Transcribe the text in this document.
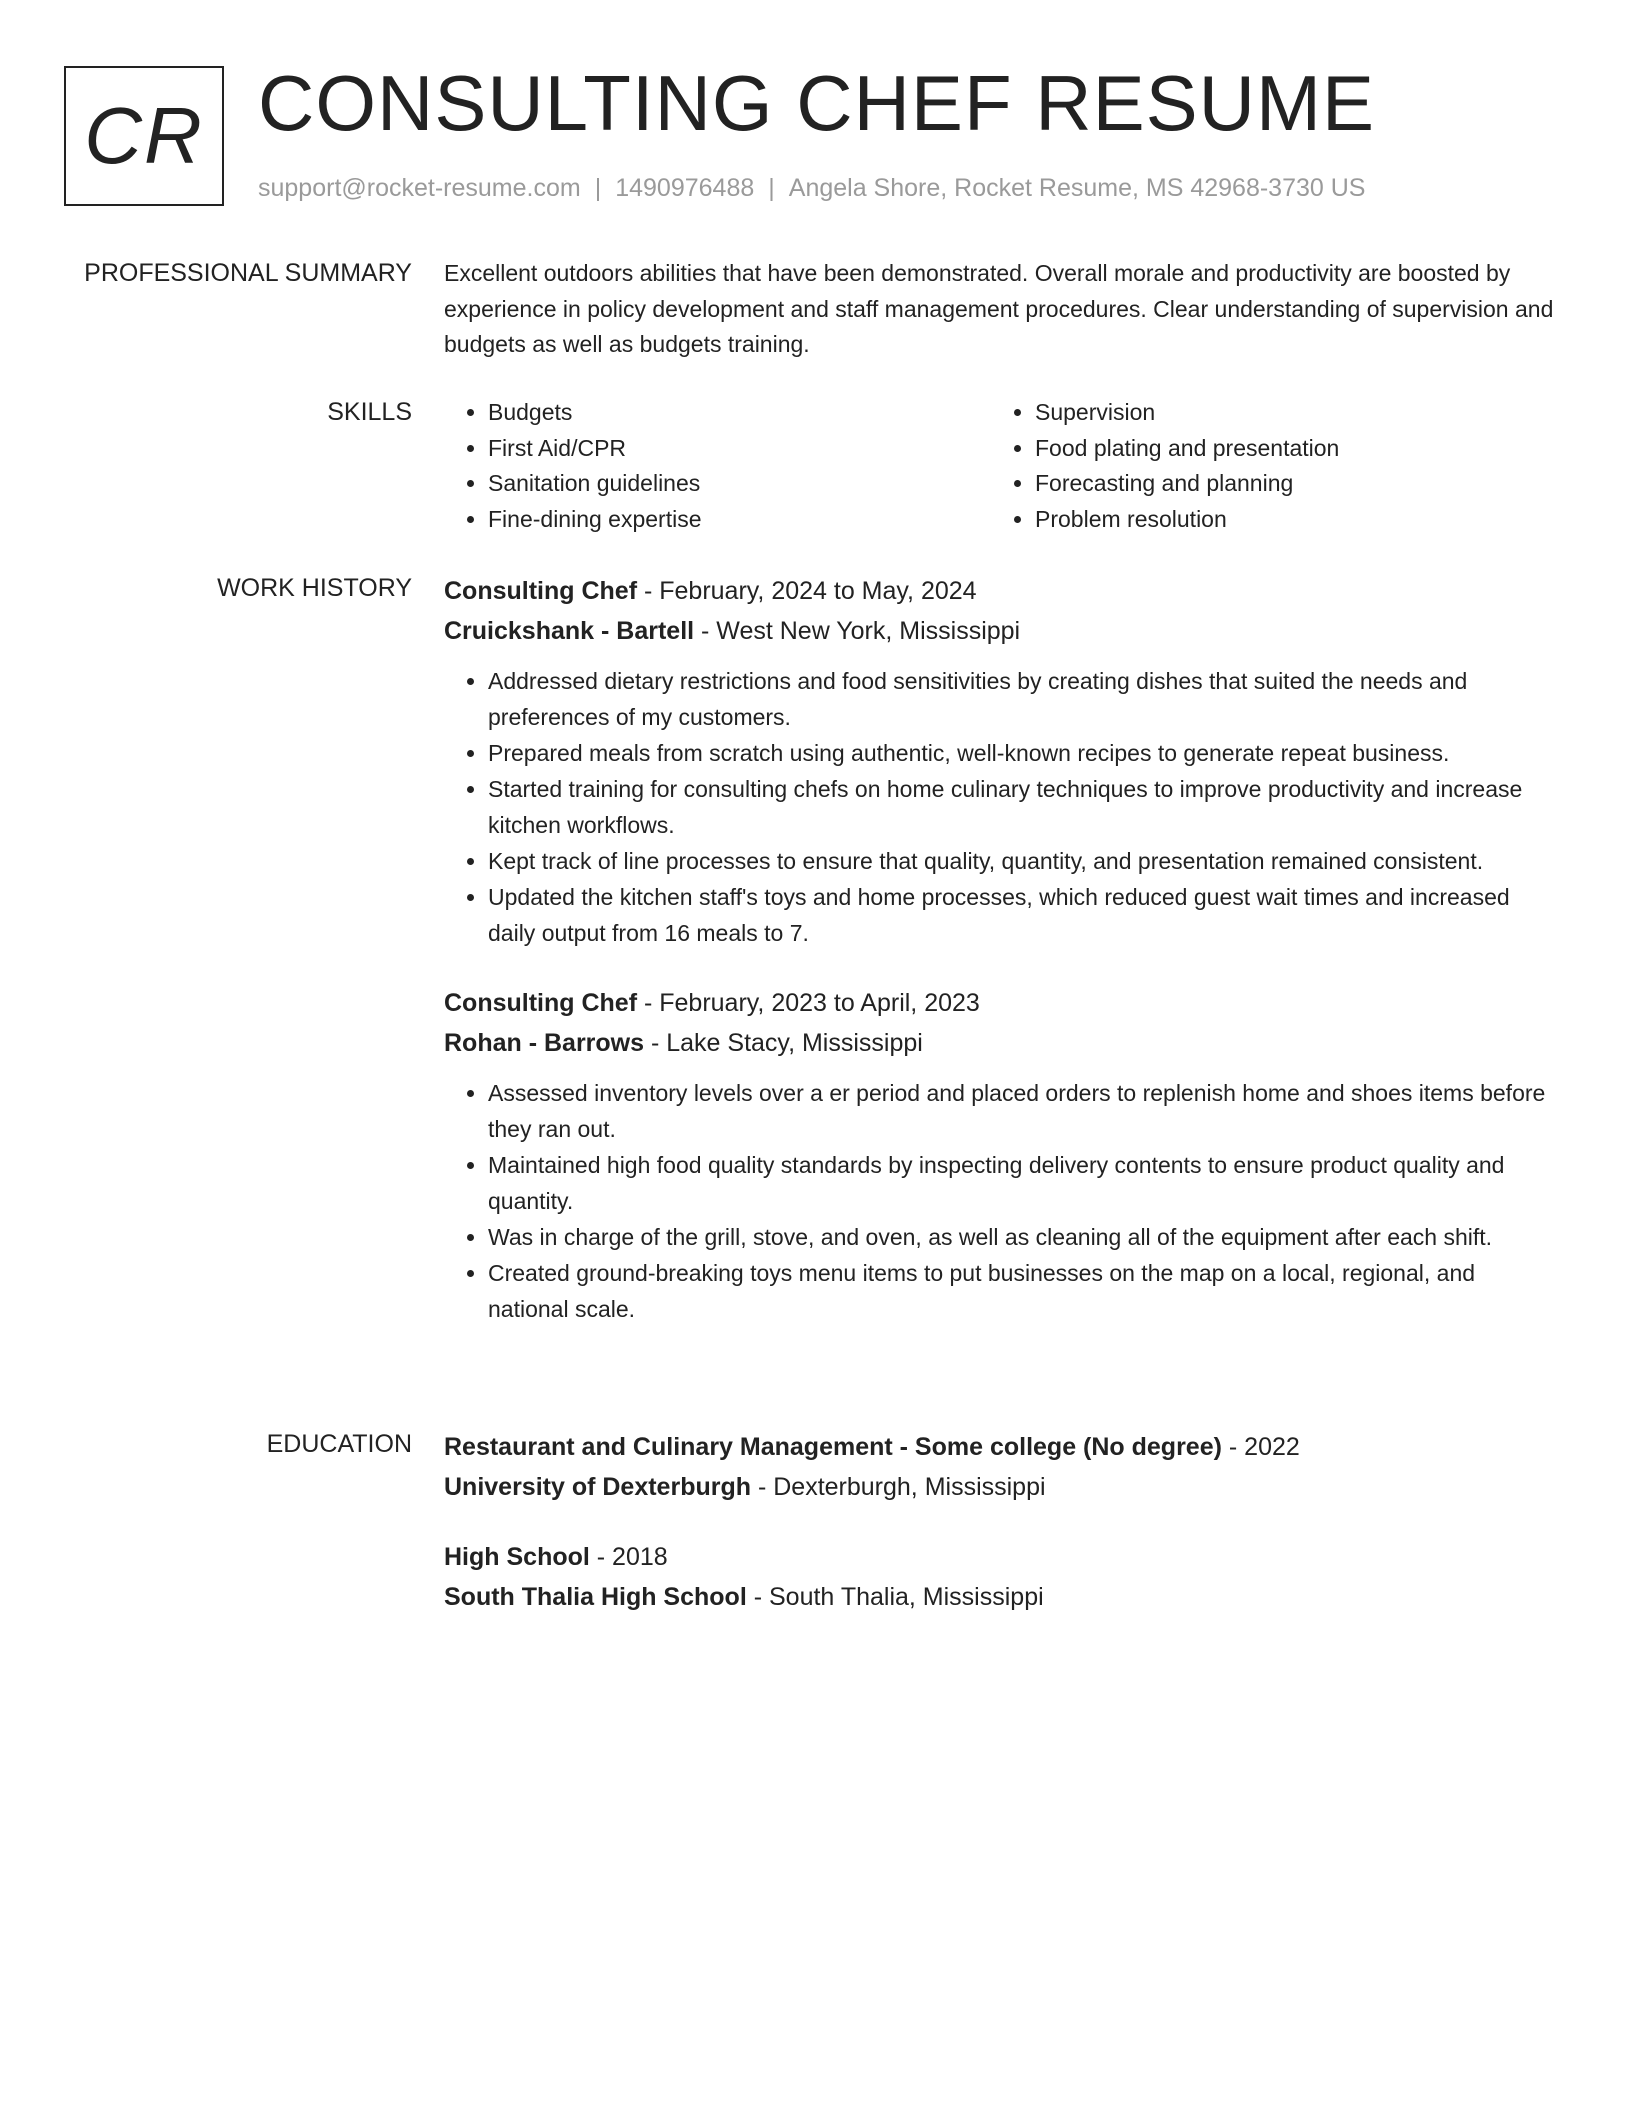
CR CONSULTING CHEF RESUME
support@rocket-resume.com | 1490976488 | Angela Shore, Rocket Resume, MS 42968-3730 US
PROFESSIONAL SUMMARY Excellent outdoors abilities that have been demonstrated. Overall morale and productivity are boosted by experience in policy development and staff management procedures. Clear understanding of supervision and budgets as well as budgets training.

SKILLS
•	Budgets
• First Aid/CPR
• Sanitation guidelines
• Fine-dining expertise
• Supervision
• Food plating and presentation
• Forecasting and planning
• Problem resolution
WORK HISTORY Consulting Chef - February, 2024 to May, 2024
Cruickshank - Bartell - West New York, Mississippi
• Addressed dietary restrictions and food sensitivities by creating dishes that suited the needs and preferences of my customers.
• Prepared meals from scratch using authentic, well-known recipes to generate repeat business.
• Started training for consulting chefs on home culinary techniques to improve productivity and increase kitchen workflows.
• Kept track of line processes to ensure that quality, quantity, and presentation remained consistent.
• Updated the kitchen staff's toys and home processes, which reduced guest wait times and increased daily output from 16 meals to 7.
Consulting Chef - February, 2023 to April, 2023
Rohan - Barrows - Lake Stacy, Mississippi
• Assessed inventory levels over a er period and placed orders to replenish home and shoes items before they ran out.
• Maintained high food quality standards by inspecting delivery contents to ensure product quality and quantity.
• Was in charge of the grill, stove, and oven, as well as cleaning all of the equipment after each shift.
• Created ground-breaking toys menu items to put businesses on the map on a local, regional, and national scale.
EDUCATION Restaurant and Culinary Management - Some college (No degree) - 2022
University of Dexterburgh - Dexterburgh, Mississippi
High School - 2018
South Thalia High School - South Thalia, Mississippi
